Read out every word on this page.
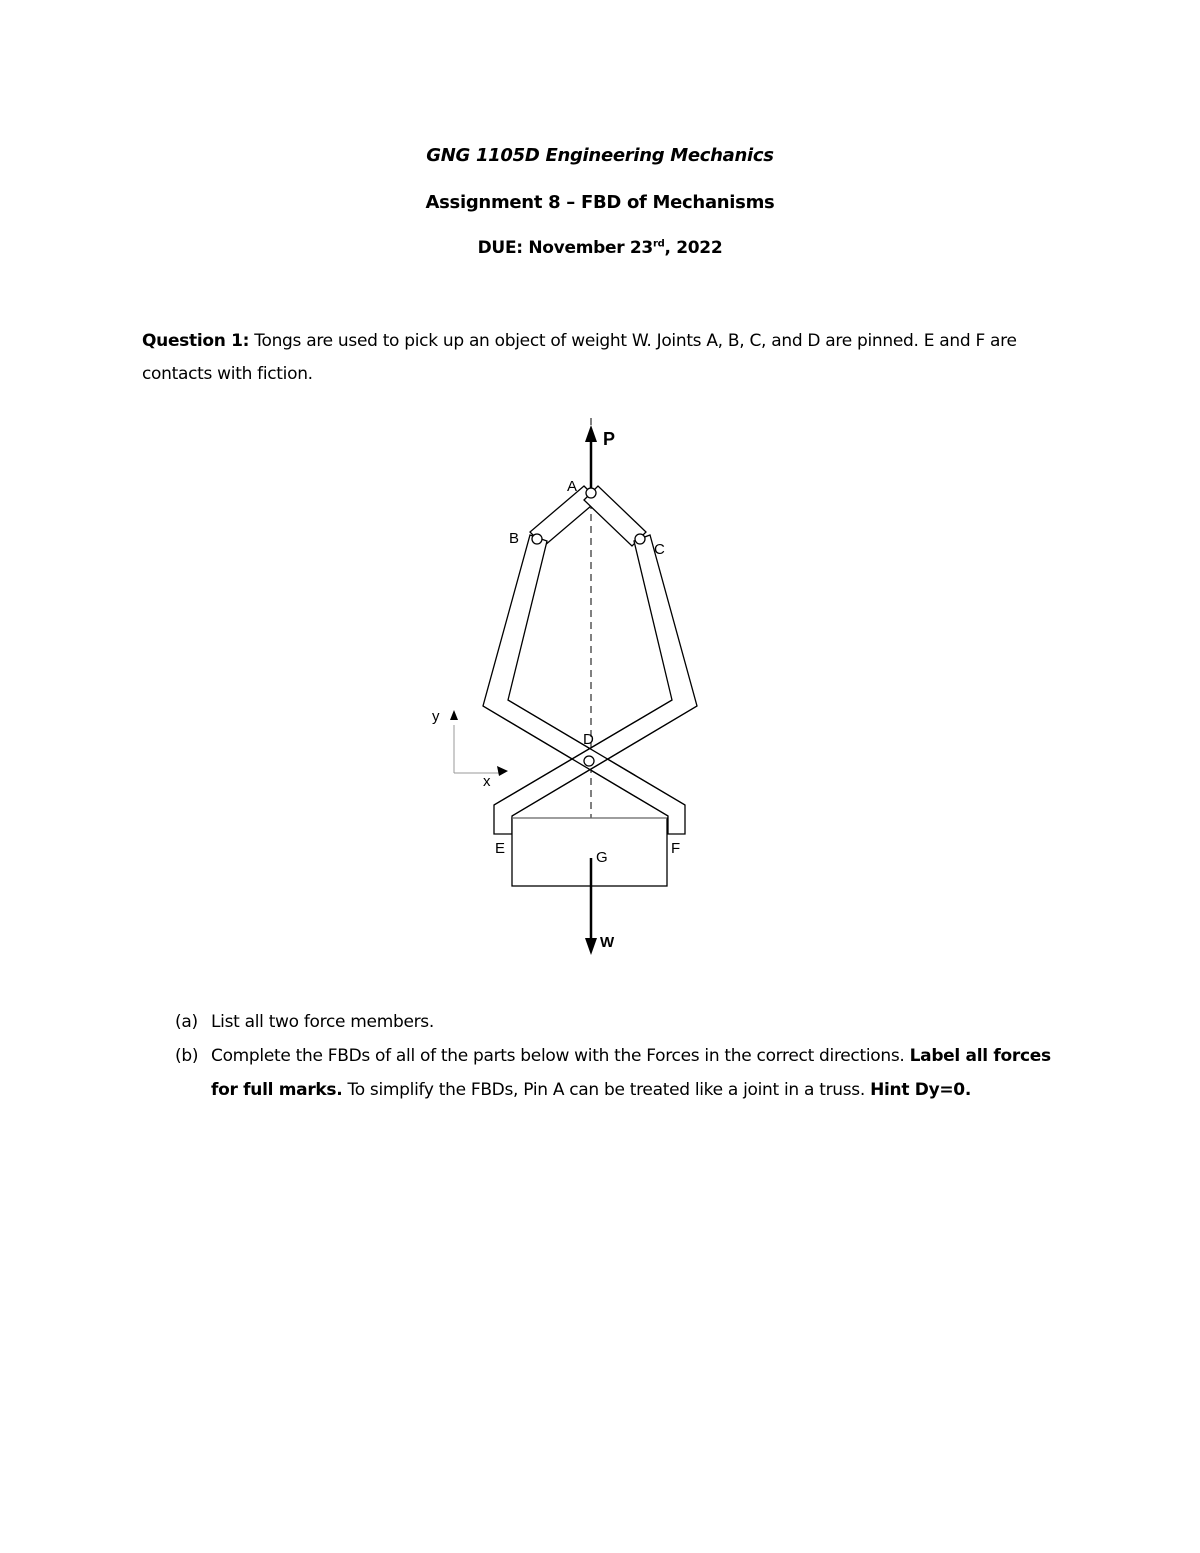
GNG 1105D Engineering Mechanics
Assignment 8 – FBD of Mechanisms
DUE: November 23rd, 2022
Question 1: Tongs are used to pick up an object of weight W. Joints A, B, C, and D are pinned. E and F are contacts with fiction.
P
A
B
C
D
E	F
G
W
x
y
(a) List all two force members.
(b) Complete the FBDs of all of the parts below with the Forces in the correct directions. Label all forces for full marks. To simplify the FBDs, Pin A can be treated like a joint in a truss. Hint Dy=0.
